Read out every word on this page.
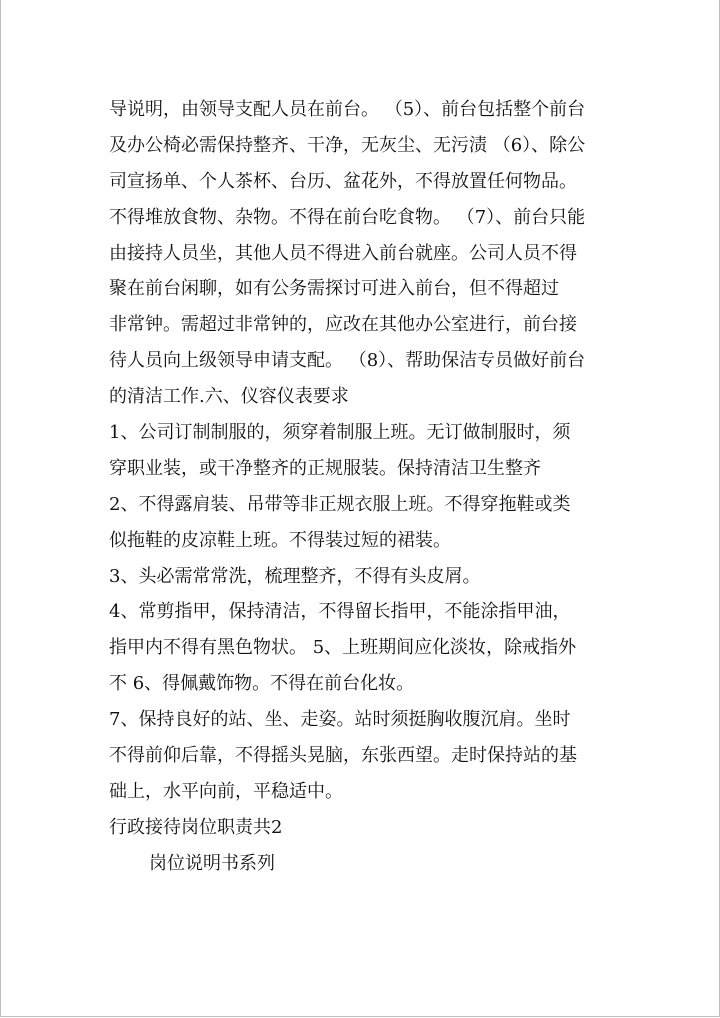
导说明，由领导支配人员在前台。 （5）、前台包括整个前台

及办公椅必需保持整齐、干净，无灰尘、无污渍 （6）、除公

司宣扬单、个人茶杯、台历、盆花外，不得放置任何物品。

不得堆放食物、杂物。不得在前台吃食物。 （7）、前台只能

由接持人员坐，其他人员不得进入前台就座。公司人员不得

聚在前台闲聊，如有公务需探讨可进入前台，但不得超过

非常钟。需超过非常钟的，应改在其他办公室进行，前台接

待人员向上级领导申请支配。 （8）、帮助保洁专员做好前台

的清洁工作.六、仪容仪表要求

1、公司订制制服的，须穿着制服上班。无订做制服时，须

穿职业装，或干净整齐的正规服装。保持清洁卫生整齐

2、不得露肩装、吊带等非正规衣服上班。不得穿拖鞋或类

似拖鞋的皮凉鞋上班。不得装过短的裙装。

3、头必需常常洗，梳理整齐，不得有头皮屑。

4、常剪指甲，保持清洁，不得留长指甲，不能涂指甲油，

指甲内不得有黑色物状。 5、上班期间应化淡妆，除戒指外

不 6、得佩戴饰物。不得在前台化妆。

7、保持良好的站、坐、走姿。站时须挺胸收腹沉肩。坐时

不得前仰后靠，不得摇头晃脑，东张西望。走时保持站的基

础上，水平向前，平稳适中。

行政接待岗位职责共2

岗位说明书系列
